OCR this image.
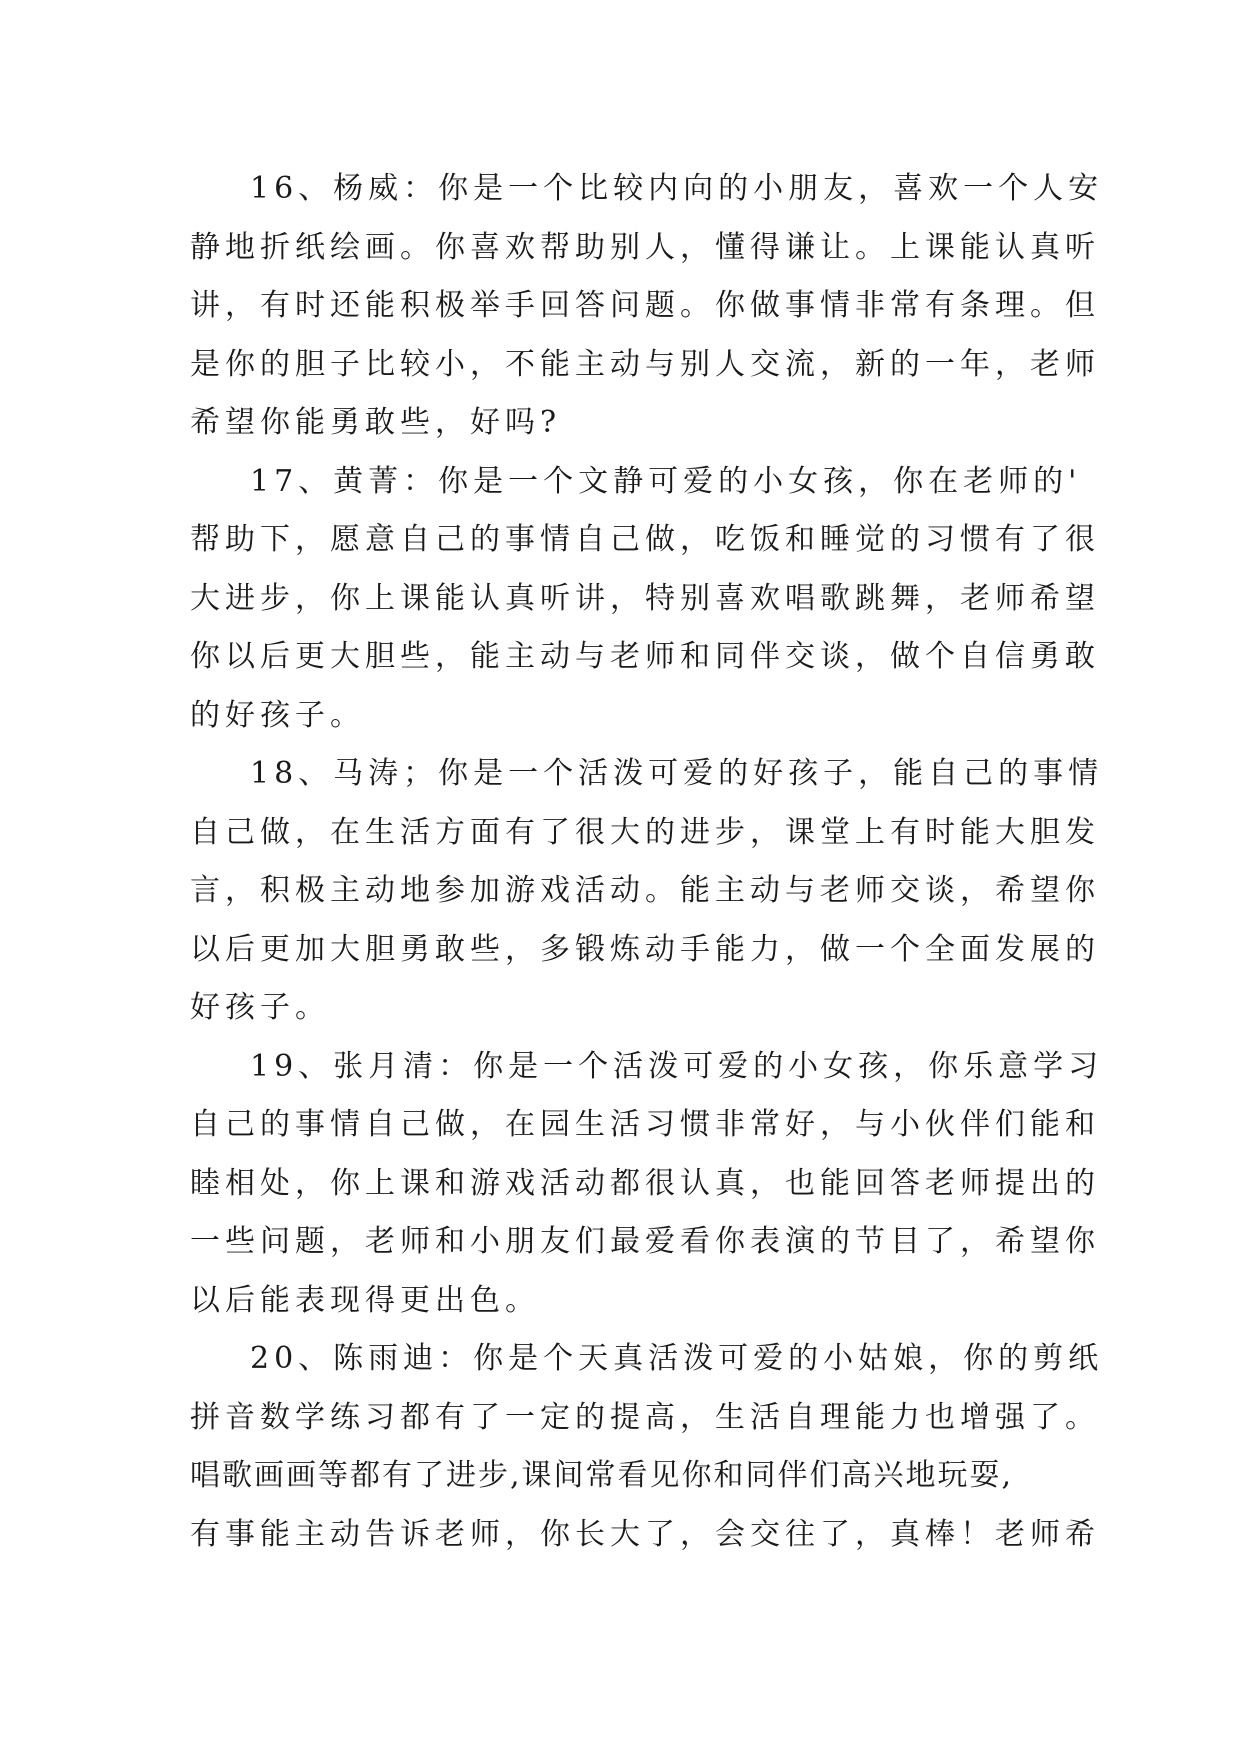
16、杨威：你是一个比较内向的小朋友，喜欢一个人安
静地折纸绘画。你喜欢帮助别人，懂得谦让。上课能认真听
讲，有时还能积极举手回答问题。你做事情非常有条理。但
是你的胆子比较小，不能主动与别人交流，新的一年，老师
希望你能勇敢些，好吗?
17、黄菁：你是一个文静可爱的小女孩，你在老师的'
帮助下，愿意自己的事情自己做，吃饭和睡觉的习惯有了很
大进步，你上课能认真听讲，特别喜欢唱歌跳舞，老师希望
你以后更大胆些，能主动与老师和同伴交谈，做个自信勇敢
的好孩子。
18、马涛；你是一个活泼可爱的好孩子，能自己的事情
自己做，在生活方面有了很大的进步，课堂上有时能大胆发
言，积极主动地参加游戏活动。能主动与老师交谈，希望你
以后更加大胆勇敢些，多锻炼动手能力，做一个全面发展的
好孩子。
19、张月清：你是一个活泼可爱的小女孩，你乐意学习
自己的事情自己做，在园生活习惯非常好，与小伙伴们能和
睦相处，你上课和游戏活动都很认真，也能回答老师提出的
一些问题，老师和小朋友们最爱看你表演的节目了，希望你
以后能表现得更出色。
20、陈雨迪：你是个天真活泼可爱的小姑娘，你的剪纸
拼音数学练习都有了一定的提高，生活自理能力也增强了。
唱歌画画等都有了进步,课间常看见你和同伴们高兴地玩耍,
有事能主动告诉老师，你长大了，会交往了，真棒！老师希
